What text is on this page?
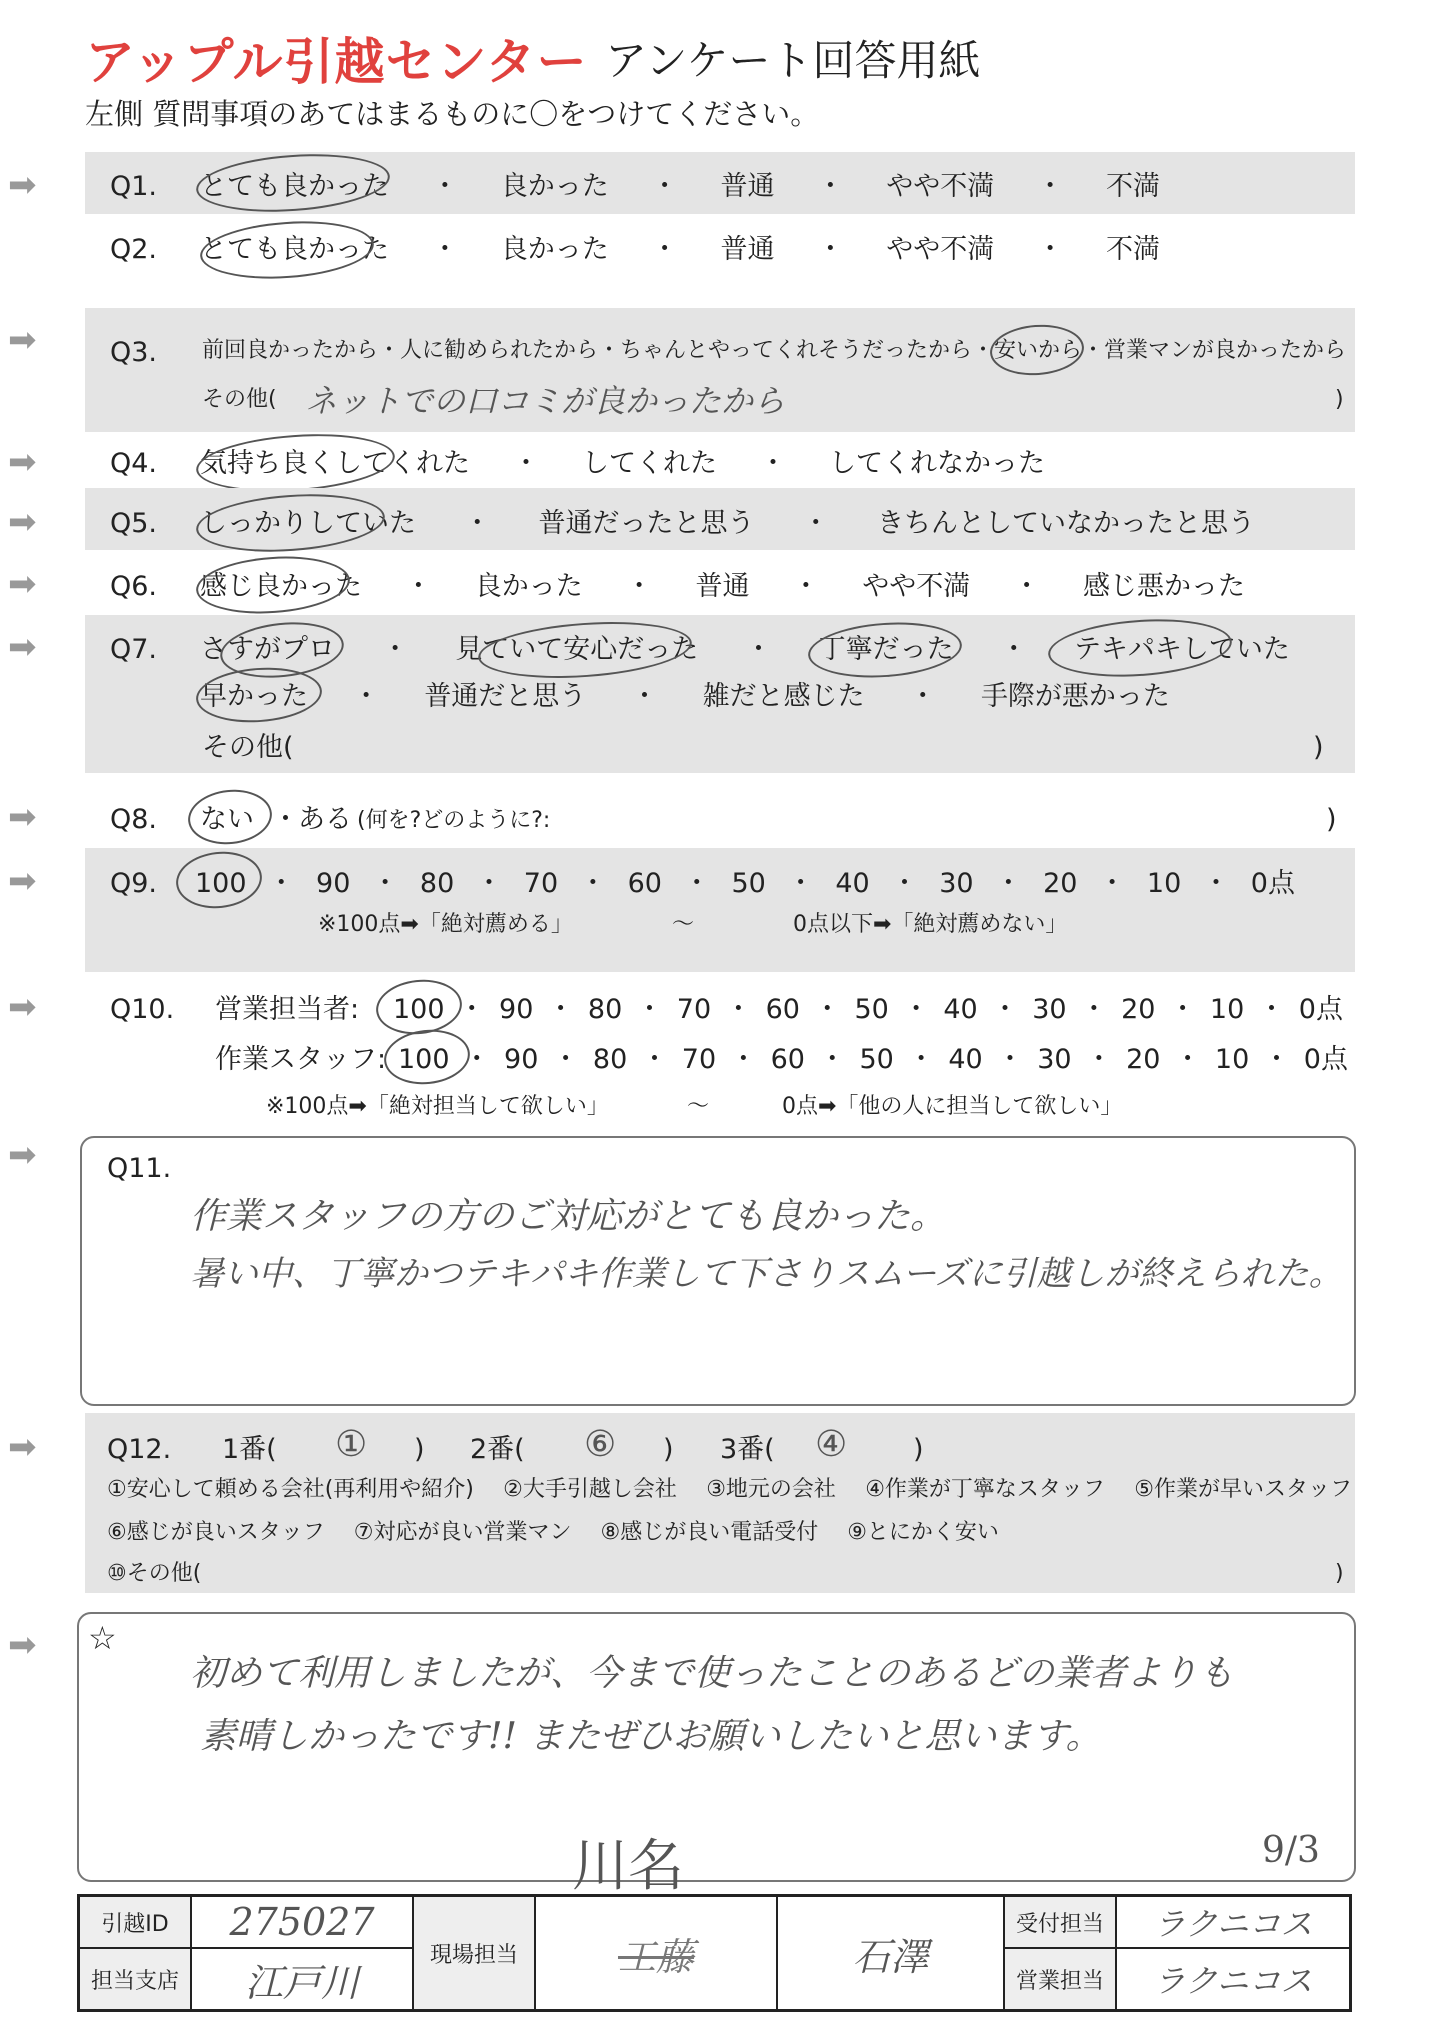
アップル引越センター アンケート回答用紙
左側 質問事項のあてはまるものに〇をつけてください。
➡	Q1. とても良かった ・ 良かった ・ 普通 ・ やや不満 ・ 不満
Q2. とても良かった ・ 良かった ・ 普通 ・ やや不満 ・ 不満
➡	Q3. 前回良かったから・人に勧められたから・ちゃんとやってくれそうだったから・安いから・営業マンが良かったから
その他( ネットでの口コミが良かったから	)
➡	Q4. 気持ち良くしてくれた ・ してくれた ・ してくれなかった
➡	Q5. しっかりしていた ・ 普通だったと思う ・ きちんとしていなかったと思う
➡	Q6. 感じ良かった ・ 良かった ・ 普通 ・ やや不満 ・ 感じ悪かった
➡	Q7. さすがプロ ・ 見ていて安心だった ・ 丁寧だった ・ テキパキしていた
早かった ・ 普通だと思う ・ 雑だと感じた ・ 手際が悪かった
その他(	)
➡	Q8. ない ・ ある (何を?どのように?:	)
➡	Q9. 100 ・ 90 ・ 80 ・ 70 ・ 60 ・ 50 ・ 40 ・ 30 ・ 20 ・ 10 ・ 0点
※100点➡「絶対薦める」	～	0点以下➡「絶対薦めない」
➡	Q10. 営業担当者: 100 ・ 90 ・ 80 ・ 70 ・ 60 ・ 50 ・ 40 ・ 30 ・ 20 ・ 10 ・ 0点
作業スタッフ: 100 ・ 90 ・ 80 ・ 70 ・ 60 ・ 50 ・ 40 ・ 30 ・ 20 ・ 10 ・ 0点
※100点➡「絶対担当して欲しい」	～	0点➡「他の人に担当して欲しい」
➡	Q11.
作業スタッフの方のご対応がとても良かった。
暑い中、丁寧かつテキパキ作業して下さりスムーズに引越しが終えられた。
➡	Q12. 1番( ① ) 2番( ⑥ ) 3番( ④ )
①安心して頼める会社(再利用や紹介) ②大手引越し会社 ③地元の会社 ④作業が丁寧なスタッフ ⑤作業が早いスタッフ
⑥感じが良いスタッフ ⑦対応が良い営業マン ⑧感じが良い電話受付 ⑨とにかく安い
⑩その他(	)
➡ ☆
初めて利用しましたが、今まで使ったことのあるどの業者よりも
素晴しかったです!! またぜひお願いしたいと思います。
9/3
川名
引越ID	275027	現場担当	工藤	石澤	受付担当	ラクニコス
担当支店	江戸川				営業担当	ラクニコス
